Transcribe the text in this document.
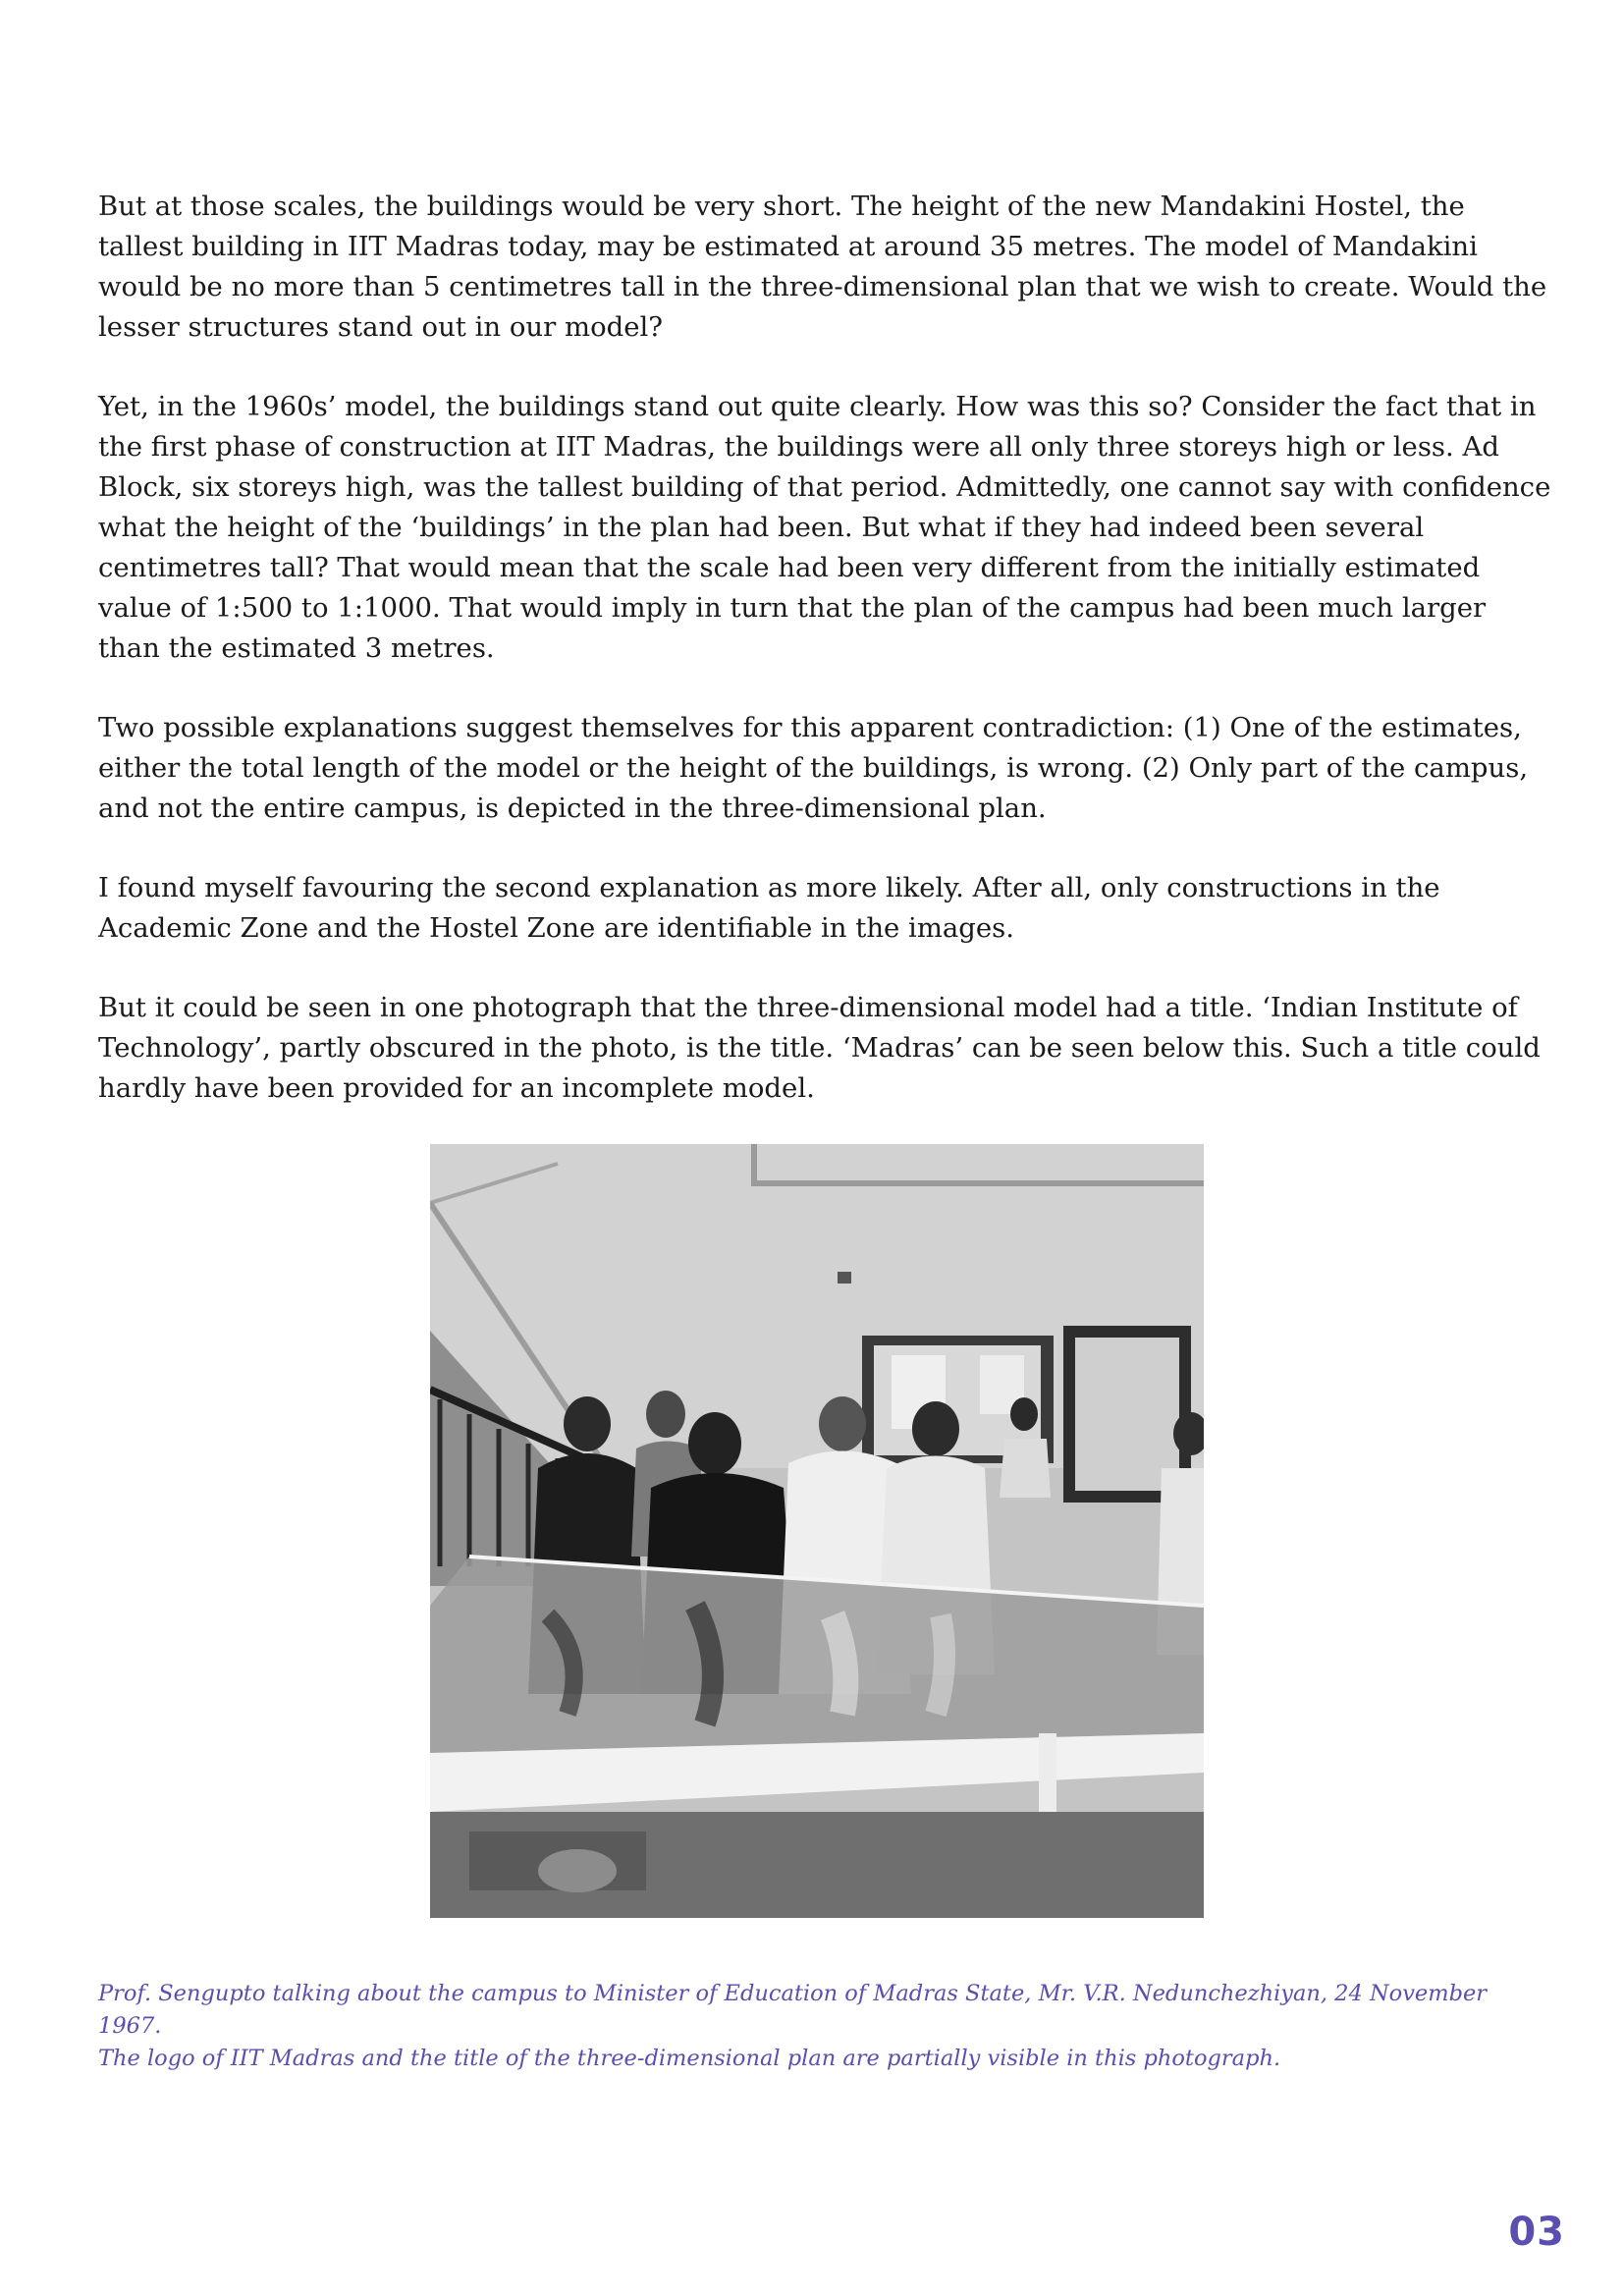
But at those scales, the buildings would be very short. The height of the new Mandakini Hostel, the tallest building in IIT Madras today, may be estimated at around 35 metres. The model of Mandakini would be no more than 5 centimetres tall in the three-dimensional plan that we wish to create. Would the lesser structures stand out in our model?

Yet, in the 1960s’ model, the buildings stand out quite clearly. How was this so? Consider the fact that in the first phase of construction at IIT Madras, the buildings were all only three storeys high or less. Ad Block, six storeys high, was the tallest building of that period. Admittedly, one cannot say with confidence what the height of the ‘buildings’ in the plan had been. But what if they had indeed been several centimetres tall? That would mean that the scale had been very different from the initially estimated value of 1:500 to 1:1000. That would imply in turn that the plan of the campus had been much larger than the estimated 3 metres.

Two possible explanations suggest themselves for this apparent contradiction: (1) One of the estimates, either the total length of the model or the height of the buildings, is wrong. (2) Only part of the campus, and not the entire campus, is depicted in the three-dimensional plan.

I found myself favouring the second explanation as more likely. After all, only constructions in the Academic Zone and the Hostel Zone are identifiable in the images.

But it could be seen in one photograph that the three-dimensional model had a title. ‘Indian Institute of Technology’, partly obscured in the photo, is the title. ‘Madras’ can be seen below this. Such a title could hardly have been provided for an incomplete model.

Prof. Sengupto talking about the campus to Minister of Education of Madras State, Mr. V.R. Nedunchezhiyan, 24 November 1967.

The logo of IIT Madras and the title of the three-dimensional plan are partially visible in this photograph.

03
